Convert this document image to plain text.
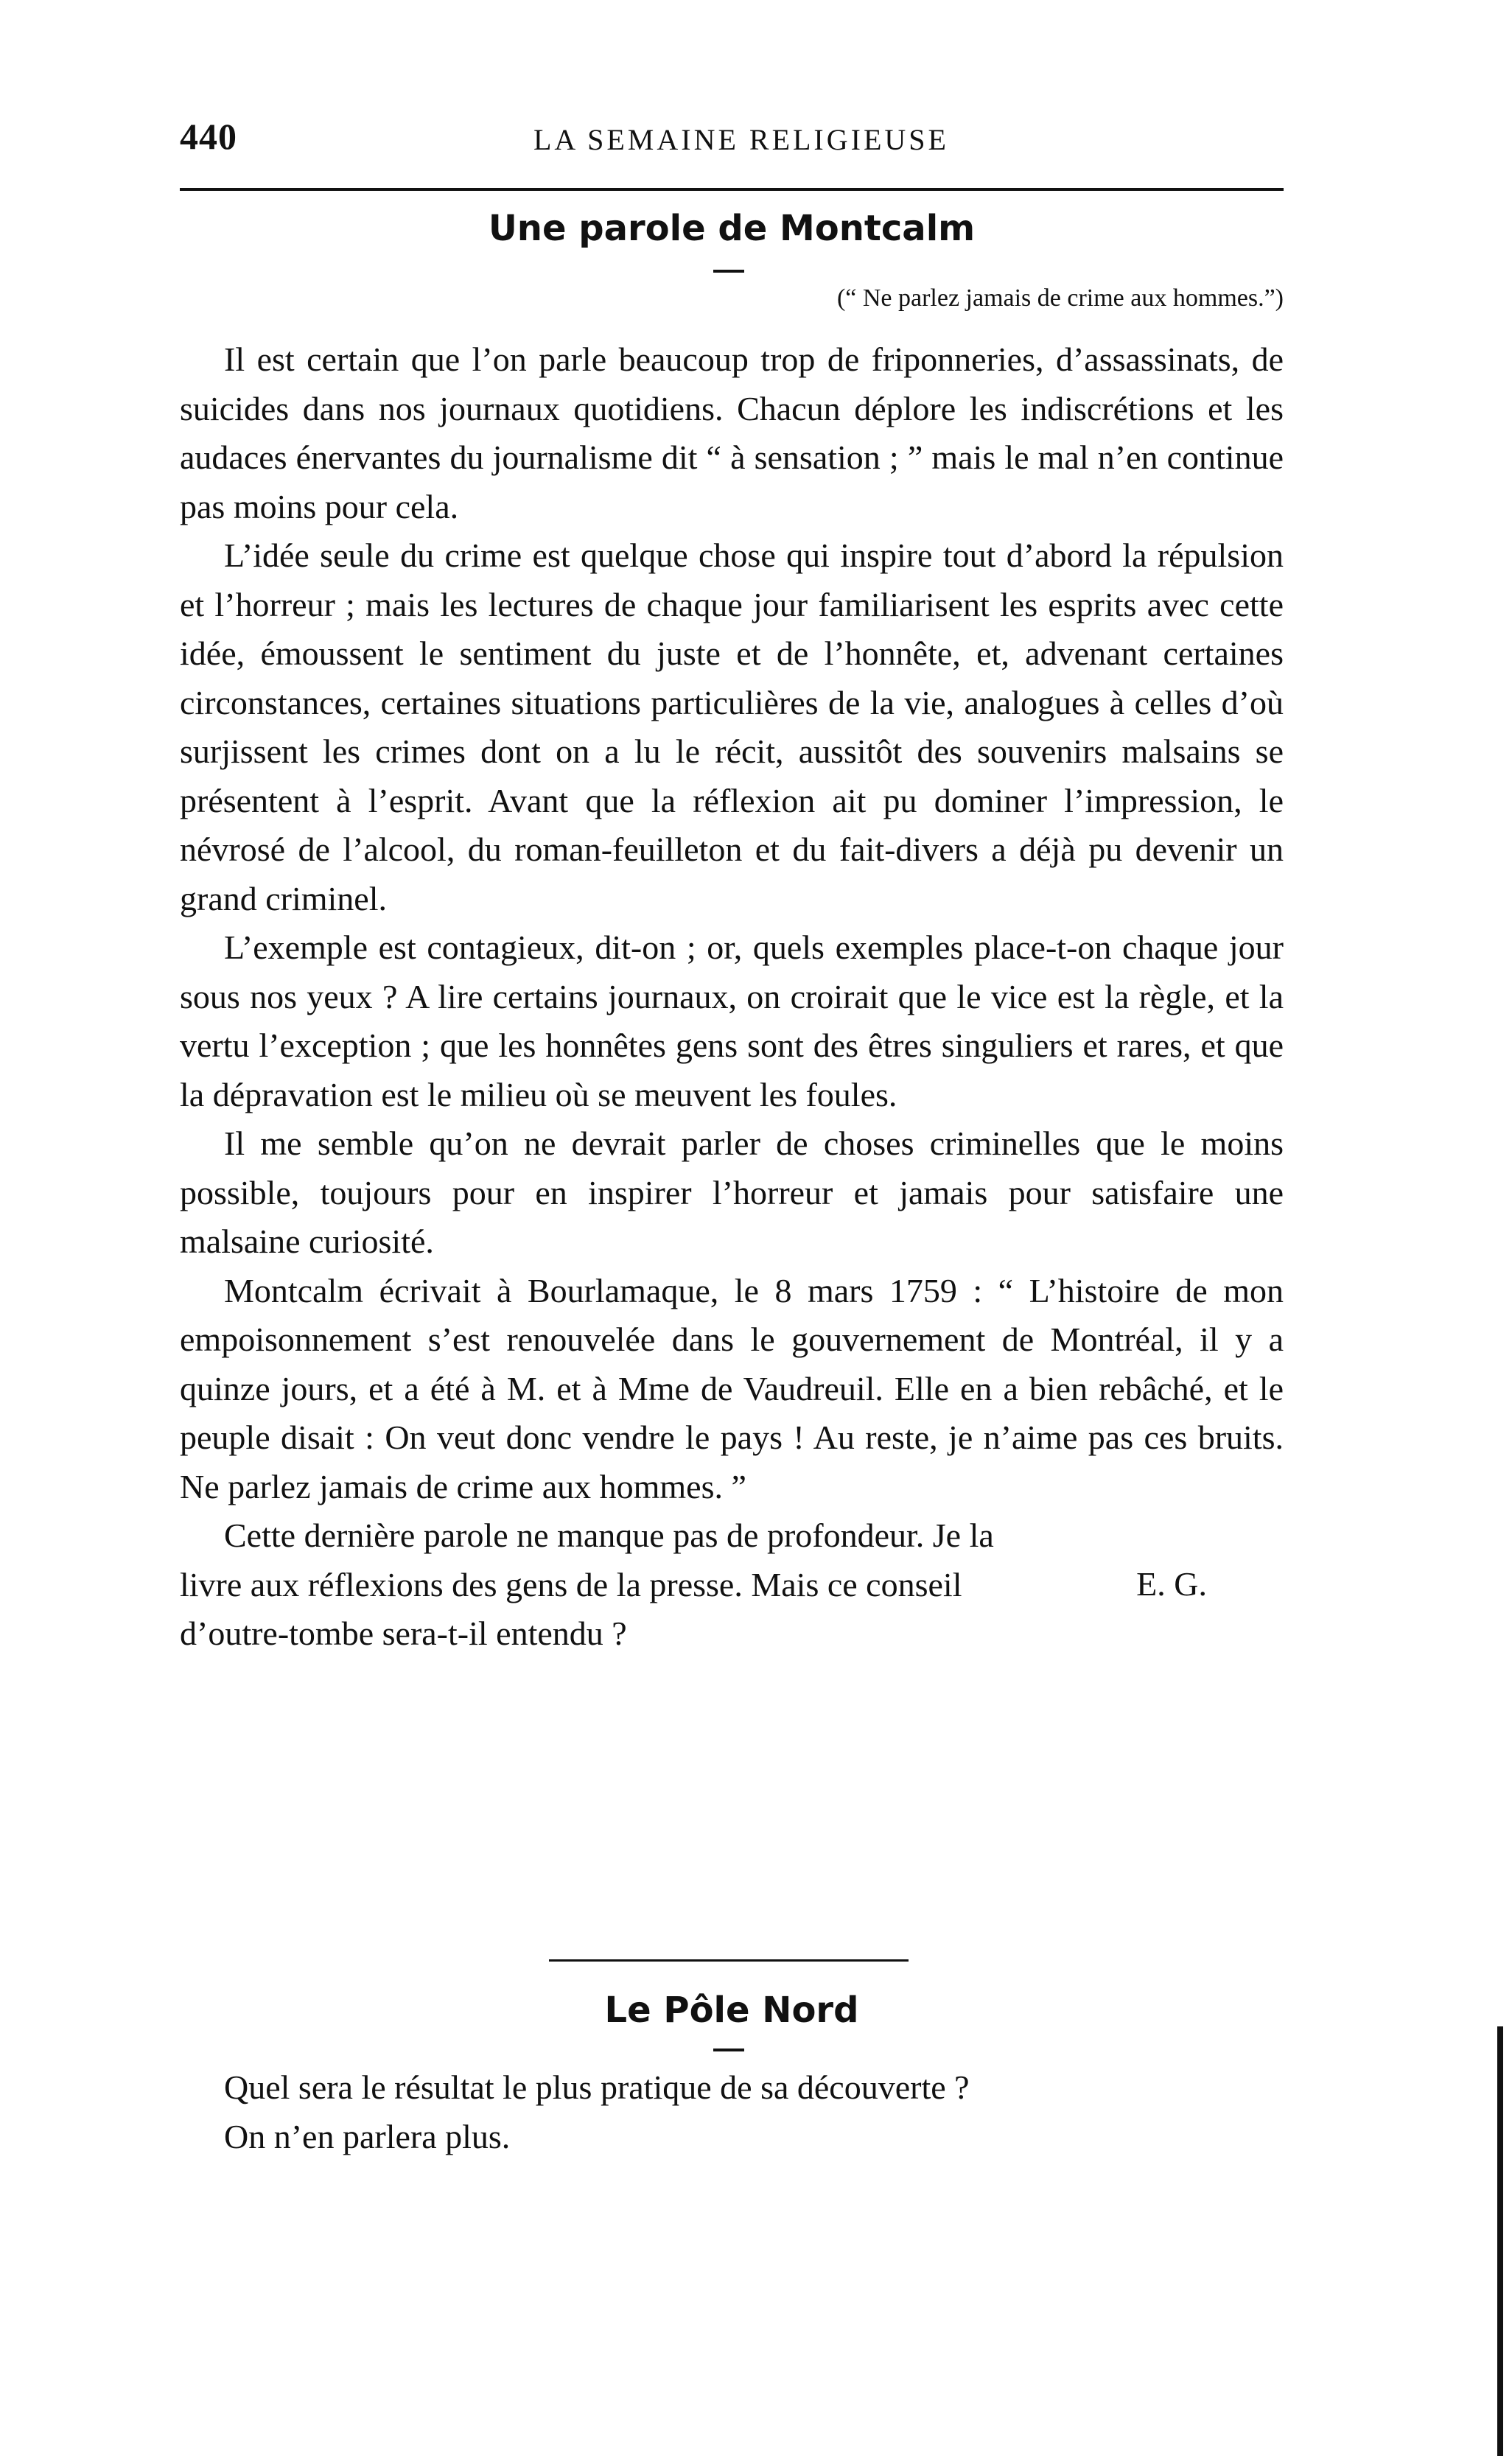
440	LA SEMAINE RELIGIEUSE
Une parole de Montcalm
(“ Ne parlez jamais de crime aux hommes.”)

Il est certain que l’on parle beaucoup trop de friponneries, d’assassinats, de suicides dans nos journaux quotidiens. Chacun déplore les indiscrétions et les audaces énervantes du journalisme dit “ à sensation ; ” mais le mal n’en continue pas moins pour cela.

L’idée seule du crime est quelque chose qui inspire tout d’abord la répulsion et l’horreur ; mais les lectures de chaque jour familiarisent les esprits avec cette idée, émoussent le sentiment du juste et de l’honnête, et, advenant certaines circonstances, certaines situations particulières de la vie, analogues à celles d’où surjissent les crimes dont on a lu le récit, aussitôt des souvenirs malsains se présentent à l’esprit. Avant que la réflexion ait pu dominer l’impression, le névrosé de l’alcool, du roman-feuilleton et du fait-divers a déjà pu devenir un grand criminel.

L’exemple est contagieux, dit-on ; or, quels exemples place-t-on chaque jour sous nos yeux ? A lire certains journaux, on croirait que le vice est la règle, et la vertu l’exception ; que les honnêtes gens sont des êtres singuliers et rares, et que la dépravation est le milieu où se meuvent les foules.

Il me semble qu’on ne devrait parler de choses criminelles que le moins possible, toujours pour en inspirer l’horreur et jamais pour satisfaire une malsaine curiosité.

Montcalm écrivait à Bourlamaque, le 8 mars 1759 : “ L’histoire de mon empoisonnement s’est renouvelée dans le gouvernement de Montréal, il y a quinze jours, et a été à M. et à Mme de Vaudreuil. Elle en a bien rebâché, et le peuple disait : On veut donc vendre le pays ! Au reste, je n’aime pas ces bruits. Ne parlez jamais de crime aux hommes. ”

Cette dernière parole ne manque pas de profondeur. Je la livre aux réflexions des gens de la presse. Mais ce conseil d’outre-tombe sera-t-il entendu ?

E. G.
Le Pôle Nord

Quel sera le résultat le plus pratique de sa découverte ?

On n’en parlera plus.
